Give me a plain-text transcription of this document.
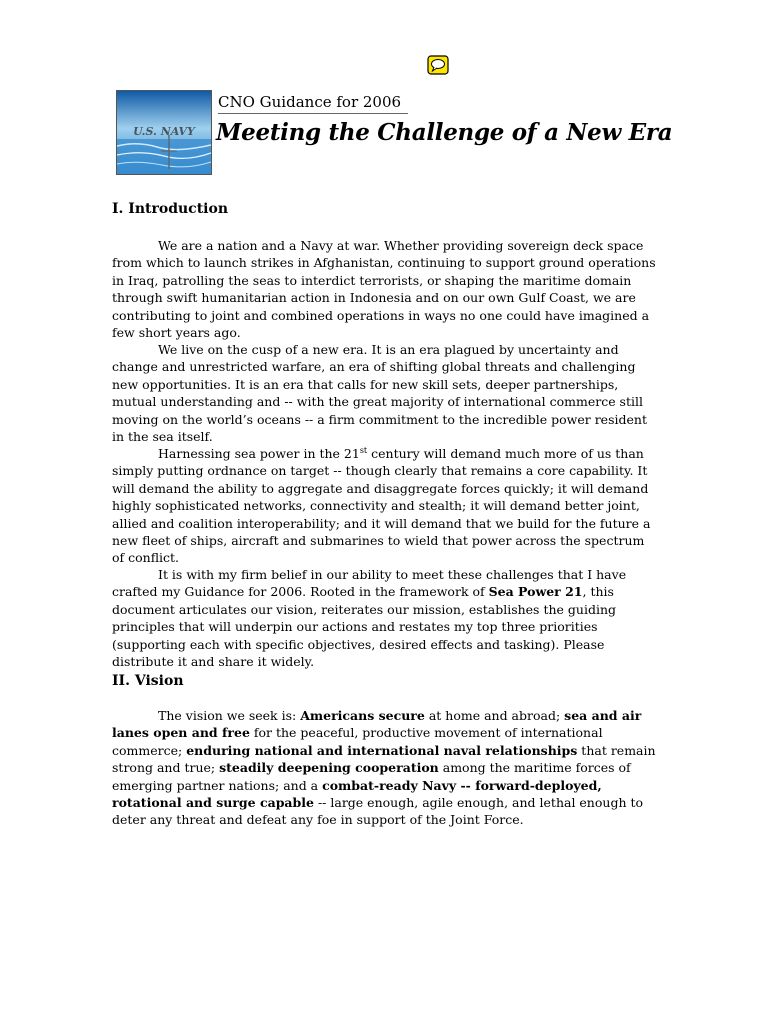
U.S. NAVY
CNO Guidance for 2006
Meeting the Challenge of a New Era
I. Introduction

We are a nation and a Navy at war. Whether providing sovereign deck space from which to launch strikes in Afghanistan, continuing to support ground operations in Iraq, patrolling the seas to interdict terrorists, or shaping the maritime domain through swift humanitarian action in Indonesia and on our own Gulf Coast, we are contributing to joint and combined operations in ways no one could have imagined a few short years ago.

We live on the cusp of a new era. It is an era plagued by uncertainty and change and unrestricted warfare, an era of shifting global threats and challenging new opportunities. It is an era that calls for new skill sets, deeper partnerships, mutual understanding and -- with the great majority of international commerce still moving on the world’s oceans -- a firm commitment to the incredible power resident in the sea itself.

Harnessing sea power in the 21st century will demand much more of us than simply putting ordnance on target -- though clearly that remains a core capability. It will demand the ability to aggregate and disaggregate forces quickly; it will demand highly sophisticated networks, connectivity and stealth; it will demand better joint, allied and coalition interoperability; and it will demand that we build for the future a new fleet of ships, aircraft and submarines to wield that power across the spectrum of conflict.

It is with my firm belief in our ability to meet these challenges that I have crafted my Guidance for 2006. Rooted in the framework of Sea Power 21, this document articulates our vision, reiterates our mission, establishes the guiding principles that will underpin our actions and restates my top three priorities (supporting each with specific objectives, desired effects and tasking). Please distribute it and share it widely.

II. Vision

The vision we seek is: Americans secure at home and abroad; sea and air lanes open and free for the peaceful, productive movement of international commerce; enduring national and international naval relationships that remain strong and true; steadily deepening cooperation among the maritime forces of emerging partner nations; and a combat-ready Navy -- forward-deployed, rotational and surge capable -- large enough, agile enough, and lethal enough to deter any threat and defeat any foe in support of the Joint Force.
